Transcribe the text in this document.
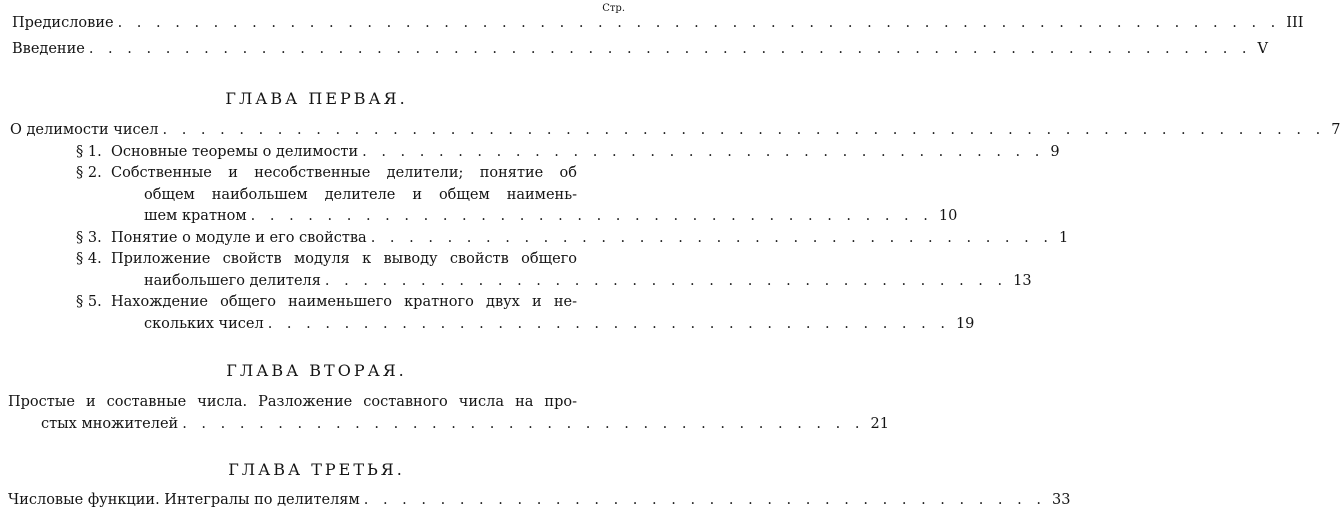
Стр.
Предисловие . . . . . . . . . . . . . . . . . . . . . . . . . . . . . . . . . . . . . . . . . . . . . . . . . . . . . . . . . . . . . III
Введение . . . . . . . . . . . . . . . . . . . . . . . . . . . . . . . . . . . . . . . . . . . . . . . . . . . . . . . . . . . . . V
ГЛАВА ПЕРВАЯ.
О делимости чисел . . . . . . . . . . . . . . . . . . . . . . . . . . . . . . . . . . . . . . . . . . . . . . . . . . . . . . . . . . . . . 7
§ 1. Основные теоремы о делимости . . . . . . . . . . . . . . . . . . . . . . . . . . . . . . . . . . . . 9
§ 2. Собственные и несобственные делители; понятие об
общем наибольшем делителе и общем наимень-
шем кратном . . . . . . . . . . . . . . . . . . . . . . . . . . . . . . . . . . . . 10
§ 3. Понятие о модуле и его свойства . . . . . . . . . . . . . . . . . . . . . . . . . . . . . . . . . . . . 1
§ 4. Приложение свойств модуля к выводу свойств общего
наибольшего делителя . . . . . . . . . . . . . . . . . . . . . . . . . . . . . . . . . . . . 13
§ 5. Нахождение общего наименьшего кратного двух и не-
скольких чисел . . . . . . . . . . . . . . . . . . . . . . . . . . . . . . . . . . . . 19
ГЛАВА ВТОРАЯ.
Простые и составные числа. Разложение составного числа на про-
стых множителей . . . . . . . . . . . . . . . . . . . . . . . . . . . . . . . . . . . . 21
ГЛАВА ТРЕТЬЯ.
Числовые функции. Интегралы по делителям . . . . . . . . . . . . . . . . . . . . . . . . . . . . . . . . . . . . 33
